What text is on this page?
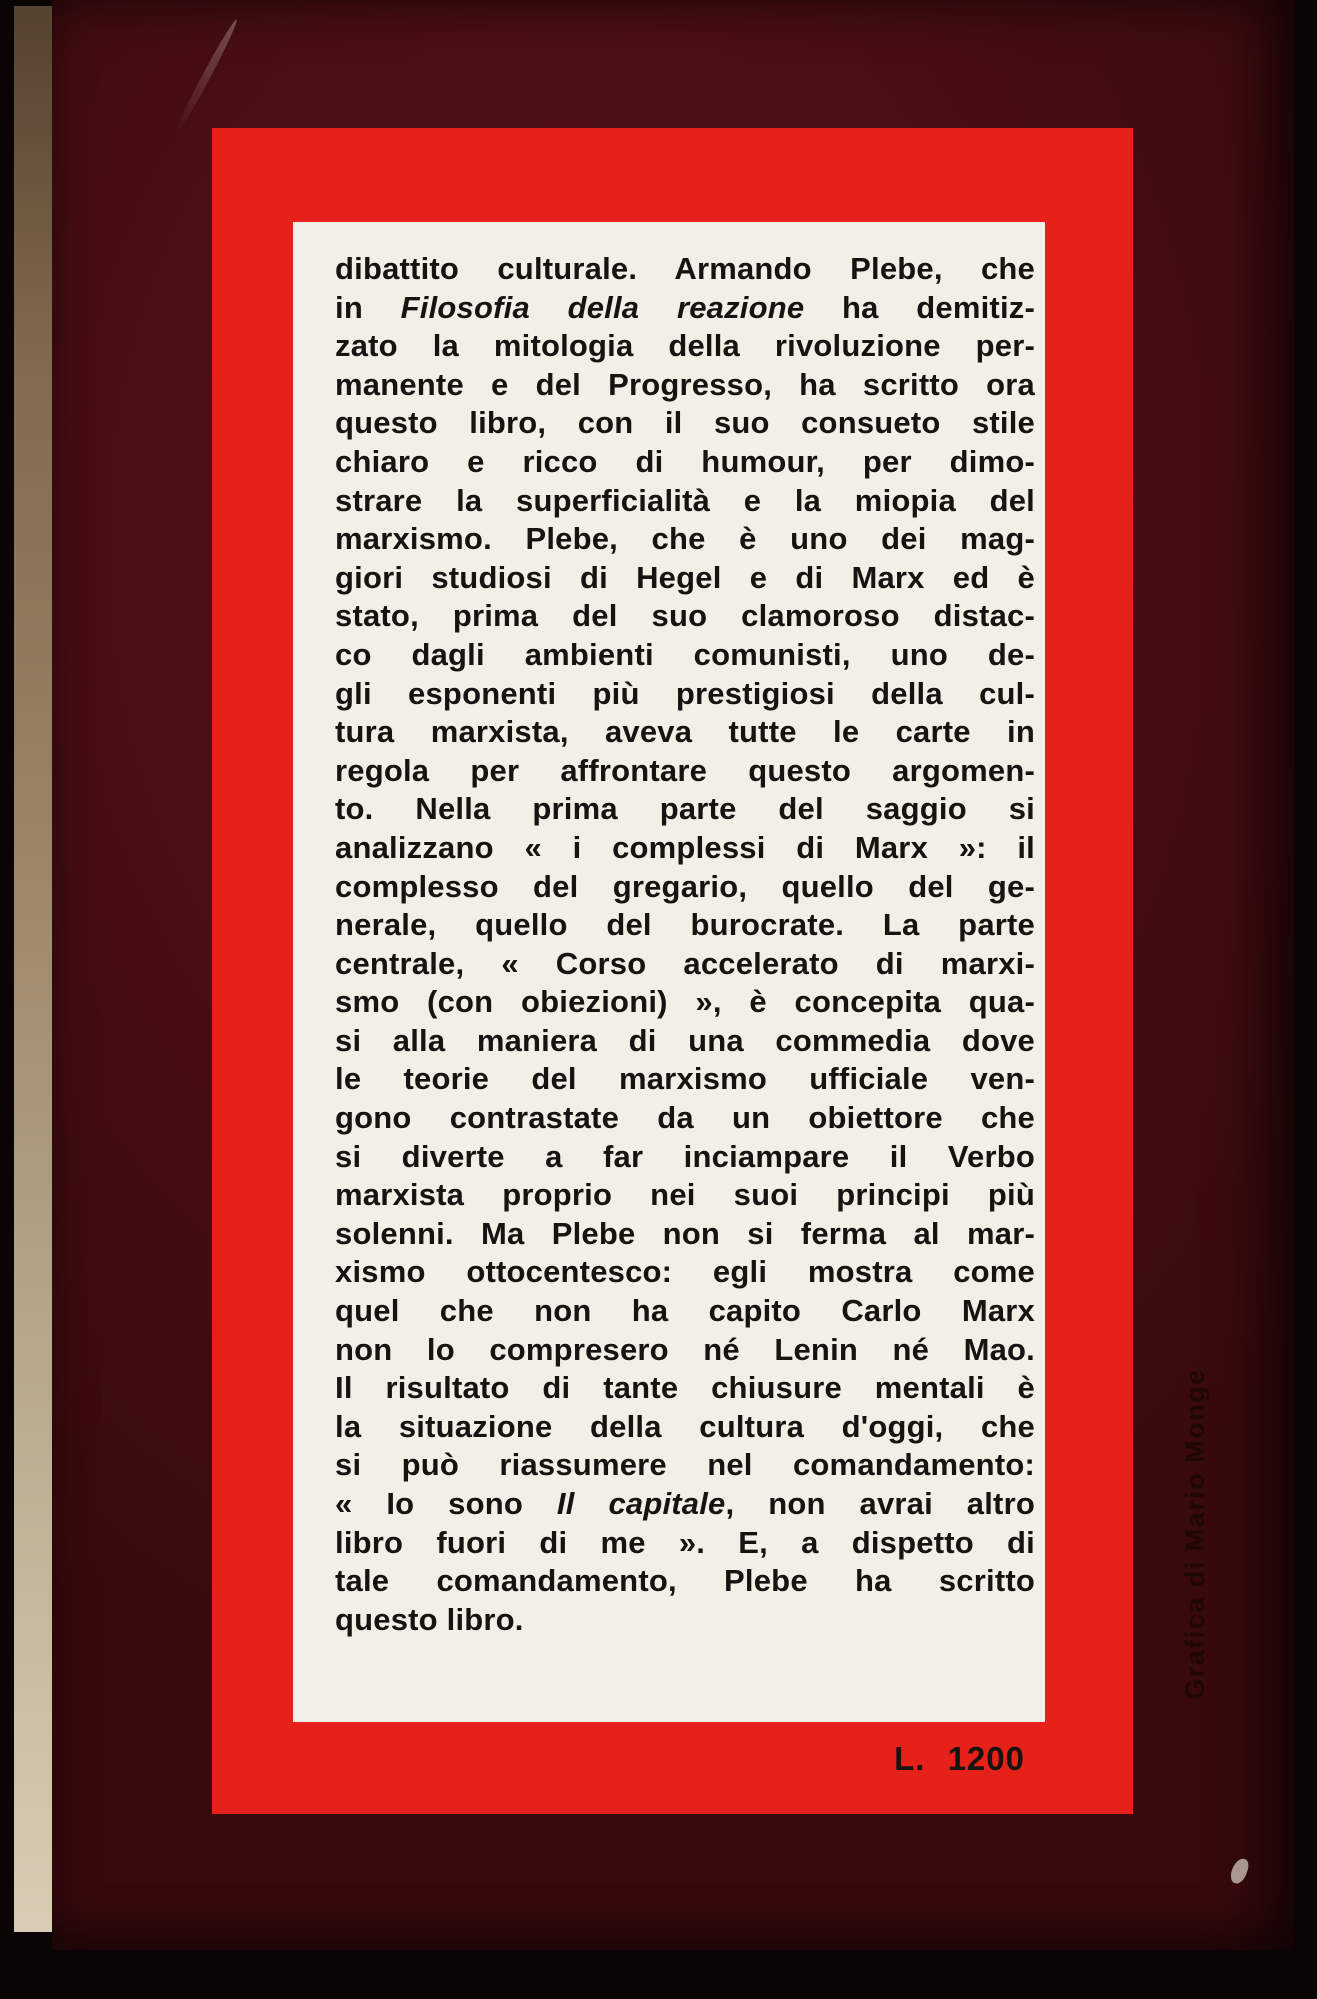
dibattito culturale. Armando Plebe, che
in Filosofia della reazione ha demitiz-
zato la mitologia della rivoluzione per-
manente e del Progresso, ha scritto ora
questo libro, con il suo consueto stile
chiaro e ricco di humour, per dimo-
strare la superficialità e la miopia del
marxismo. Plebe, che è uno dei mag-
giori studiosi di Hegel e di Marx ed è
stato, prima del suo clamoroso distac-
co dagli ambienti comunisti, uno de-
gli esponenti più prestigiosi della cul-
tura marxista, aveva tutte le carte in
regola per affrontare questo argomen-
to. Nella prima parte del saggio si
analizzano « i complessi di Marx »: il
complesso del gregario, quello del ge-
nerale, quello del burocrate. La parte
centrale, « Corso accelerato di marxi-
smo (con obiezioni) », è concepita qua-
si alla maniera di una commedia dove
le teorie del marxismo ufficiale ven-
gono contrastate da un obiettore che
si diverte a far inciampare il Verbo
marxista proprio nei suoi principi più
solenni. Ma Plebe non si ferma al mar-
xismo ottocentesco: egli mostra come
quel che non ha capito Carlo Marx
non lo compresero né Lenin né Mao.
Il risultato di tante chiusure mentali è
la situazione della cultura d'oggi, che
si può riassumere nel comandamento:
« Io sono Il capitale, non avrai altro
libro fuori di me ». E, a dispetto di
tale comandamento, Plebe ha scritto
questo libro.
L. 1200
Grafica di Mario Monge
